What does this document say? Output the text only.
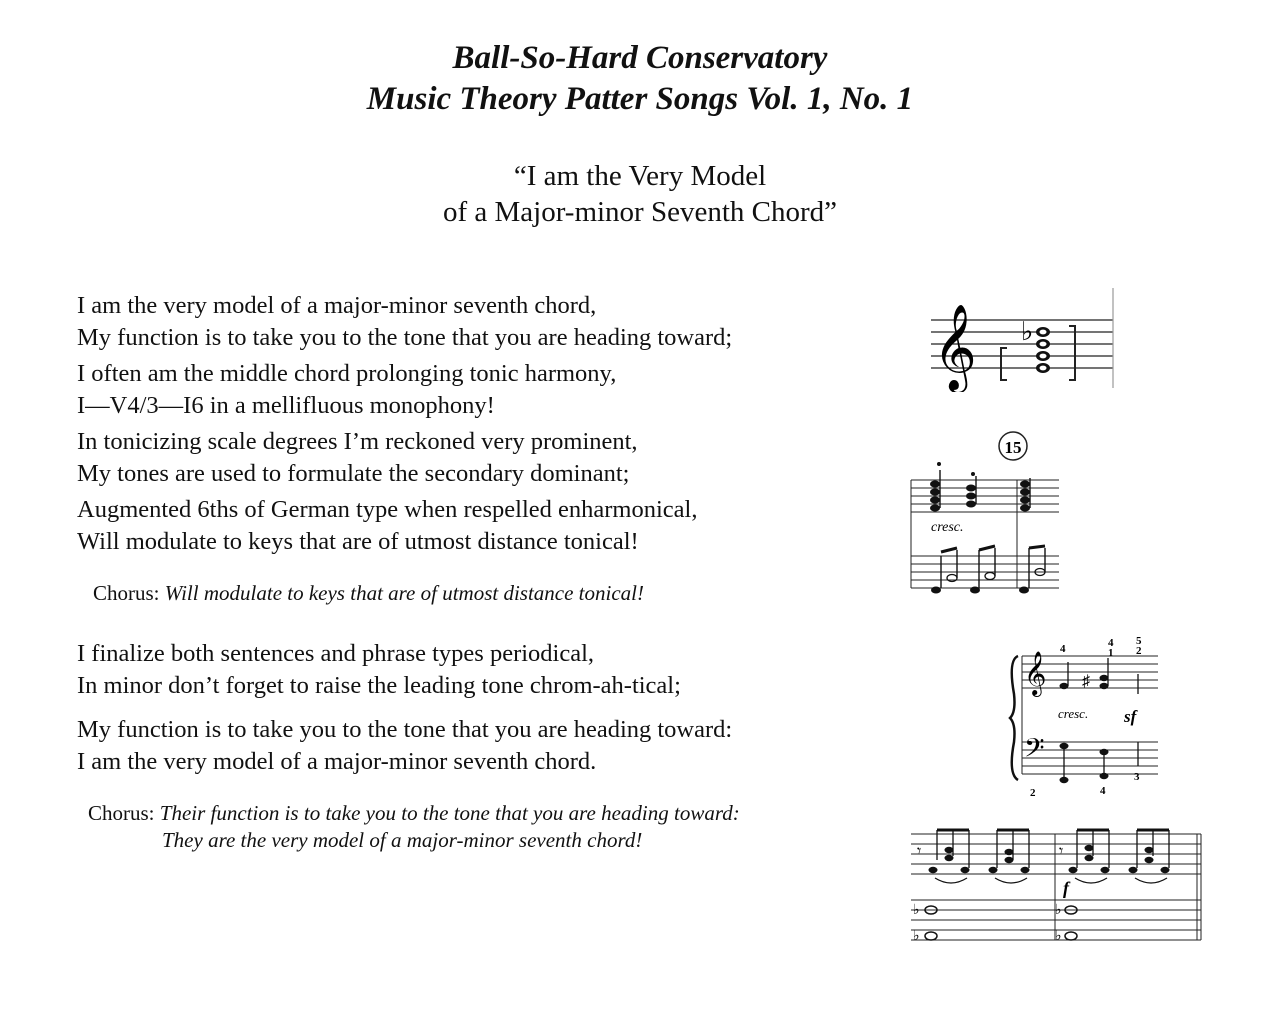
Ball-So-Hard Conservatory
Music Theory Patter Songs Vol. 1, No. 1
“I am the Very Model
of a Major-minor Seventh Chord”
I am the very model of a major-minor seventh chord,
My function is to take you to the tone that you are heading toward;
I often am the middle chord prolonging tonic harmony,
I—V4/3—I6 in a mellifluous monophony!
In tonicizing scale degrees I’m reckoned very prominent,
My tones are used to formulate the secondary dominant;
Augmented 6ths of German type when respelled enharmonical,
Will modulate to keys that are of utmost distance tonical!
Chorus: Will modulate to keys that are of utmost distance tonical!
I finalize both sentences and phrase types periodical,
In minor don’t forget to raise the leading tone chrom-ah-tical;
My function is to take you to the tone that you are heading toward:
I am the very model of a major-minor seventh chord.
Chorus: Their function is to take you to the tone that you are heading toward:
They are the very model of a major-minor seventh chord!
𝄞 ♭
15
cresc.
𝄞
𝄢
♯
4	4
1
5
2
cresc. sf
2	4
3
𝄾	𝄾
f
♭
♭
♭
♭
